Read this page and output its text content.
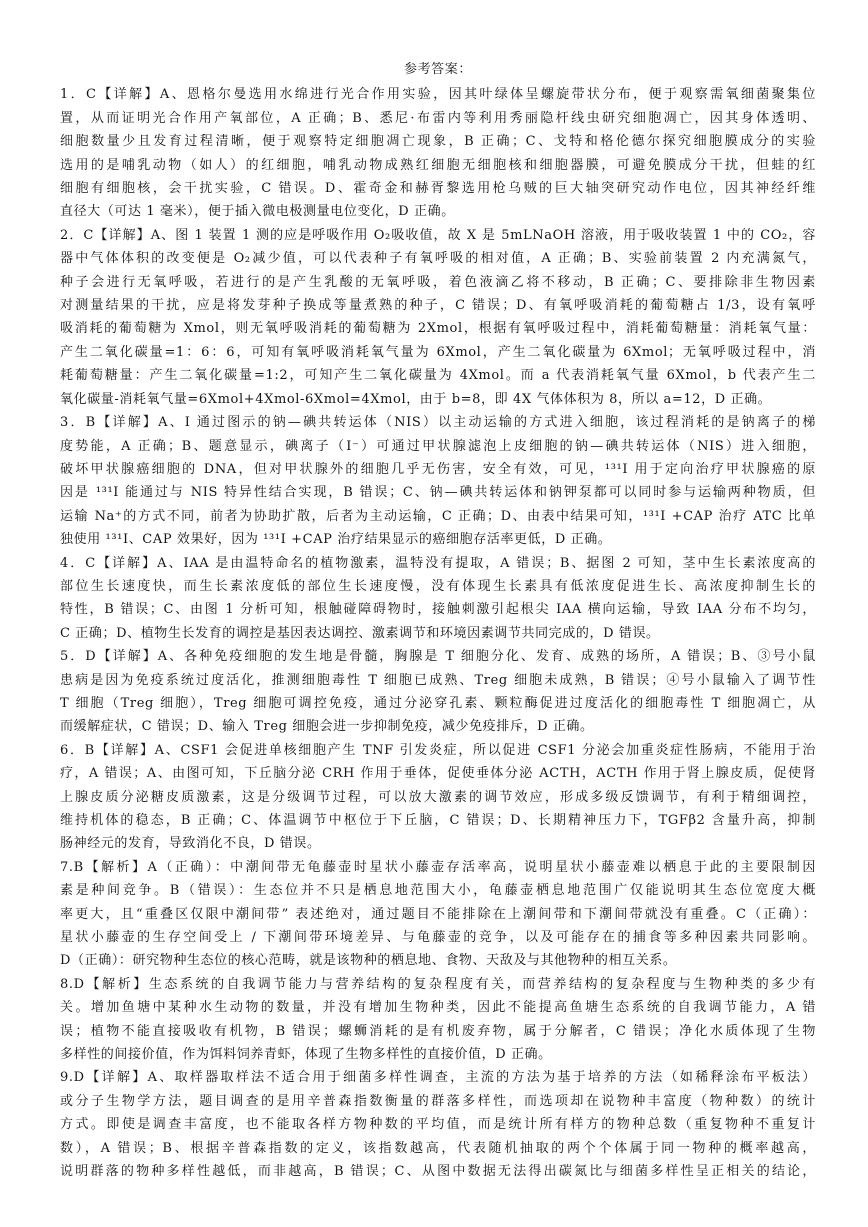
参考答案：
1．C【详解】A、恩格尔曼选用水绵进行光合作用实验，因其叶绿体呈螺旋带状分布，便于观察需氧细菌聚集位
置，从而证明光合作用产氧部位，A 正确；B、悉尼·布雷内等利用秀丽隐杆线虫研究细胞凋亡，因其身体透明、
细胞数量少且发育过程清晰，便于观察特定细胞凋亡现象，B 正确；C、戈特和格伦德尔探究细胞膜成分的实验
选用的是哺乳动物（如人）的红细胞，哺乳动物成熟红细胞无细胞核和细胞器膜，可避免膜成分干扰，但蛙的红
细胞有细胞核，会干扰实验，C 错误。D、霍奇金和赫胥黎选用枪乌贼的巨大轴突研究动作电位，因其神经纤维
直径大（可达 1 毫米），便于插入微电极测量电位变化，D 正确。
2．C【详解】A、图 1 装置 1 测的应是呼吸作用 O₂吸收值，故 X 是 5mLNaOH 溶液，用于吸收装置 1 中的 CO₂，容
器中气体体积的改变便是 O₂减少值，可以代表种子有氧呼吸的相对值，A 正确；B、实验前装置 2 内充满氮气，
种子会进行无氧呼吸，若进行的是产生乳酸的无氧呼吸，着色液滴乙将不移动，B 正确；C、要排除非生物因素
对测量结果的干扰，应是将发芽种子换成等量煮熟的种子，C 错误；D、有氧呼吸消耗的葡萄糖占 1/3，设有氧呼
吸消耗的葡萄糖为 Xmol，则无氧呼吸消耗的葡萄糖为 2Xmol，根据有氧呼吸过程中，消耗葡萄糖量：消耗氧气量：
产生二氧化碳量=1：6：6，可知有氧呼吸消耗氧气量为 6Xmol，产生二氧化碳量为 6Xmol；无氧呼吸过程中，消
耗葡萄糖量：产生二氧化碳量=1:2，可知产生二氧化碳量为 4Xmol。而 a 代表消耗氧气量 6Xmol，b 代表产生二
氧化碳量-消耗氧气量=6Xmol+4Xmol-6Xmol=4Xmol，由于 b=8，即 4X 气体体积为 8，所以 a=12，D 正确。
3．B【详解】A、I 通过图示的钠—碘共转运体（NIS）以主动运输的方式进入细胞，该过程消耗的是钠离子的梯
度势能，A 正确；B、题意显示，碘离子（I⁻）可通过甲状腺滤泡上皮细胞的钠—碘共转运体（NIS）进入细胞，
破坏甲状腺癌细胞的 DNA，但对甲状腺外的细胞几乎无伤害，安全有效，可见，¹³¹I 用于定向治疗甲状腺癌的原
因是 ¹³¹I 能通过与 NIS 特异性结合实现，B 错误；C、钠—碘共转运体和钠钾泵都可以同时参与运输两种物质，但
运输 Na⁺的方式不同，前者为协助扩散，后者为主动运输，C 正确；D、由表中结果可知，¹³¹I +CAP 治疗 ATC 比单
独使用 ¹³¹I、CAP 效果好，因为 ¹³¹I +CAP 治疗结果显示的癌细胞存活率更低，D 正确。
4．C【详解】A、IAA 是由温特命名的植物激素，温特没有提取，A 错误；B、据图 2 可知，茎中生长素浓度高的
部位生长速度快，而生长素浓度低的部位生长速度慢，没有体现生长素具有低浓度促进生长、高浓度抑制生长的
特性，B 错误；C、由图 1 分析可知，根触碰障碍物时，接触刺激引起根尖 IAA 横向运输，导致 IAA 分布不均匀，
C 正确；D、植物生长发育的调控是基因表达调控、激素调节和环境因素调节共同完成的，D 错误。
5．D【详解】A、各种免疫细胞的发生地是骨髓，胸腺是 T 细胞分化、发育、成熟的场所，A 错误；B、③号小鼠
患病是因为免疫系统过度活化，推测细胞毒性 T 细胞已成熟、Treg 细胞未成熟，B 错误；④号小鼠输入了调节性
T 细胞（Treg 细胞），Treg 细胞可调控免疫，通过分泌穿孔素、颗粒酶促进过度活化的细胞毒性 T 细胞凋亡，从
而缓解症状，C 错误；D、输入 Treg 细胞会进一步抑制免疫，减少免疫排斥，D 正确。
6．B【详解】A、CSF1 会促进单核细胞产生 TNF 引发炎症，所以促进 CSF1 分泌会加重炎症性肠病，不能用于治
疗，A 错误；A、由图可知，下丘脑分泌 CRH 作用于垂体，促使垂体分泌 ACTH，ACTH 作用于肾上腺皮质，促使肾
上腺皮质分泌糖皮质激素，这是分级调节过程，可以放大激素的调节效应，形成多级反馈调节，有利于精细调控，
维持机体的稳态，B 正确；C、体温调节中枢位于下丘脑，C 错误；D、长期精神压力下，TGFβ2 含量升高，抑制
肠神经元的发育，导致消化不良，D 错误。
7.B【解析】A（正确）：中潮间带无龟藤壶时星状小藤壶存活率高，说明星状小藤壶难以栖息于此的主要限制因
素是种间竞争。B（错误）：生态位并不只是栖息地范围大小，龟藤壶栖息地范围广仅能说明其生态位宽度大概
率更大，且“重叠区仅限中潮间带” 表述绝对，通过题目不能排除在上潮间带和下潮间带就没有重叠。C（正确）：
星状小藤壶的生存空间受上 / 下潮间带环境差异、与龟藤壶的竞争，以及可能存在的捕食等多种因素共同影响。
D（正确）：研究物种生态位的核心范畴，就是该物种的栖息地、食物、天敌及与其他物种的相互关系。
8.D【解析】生态系统的自我调节能力与营养结构的复杂程度有关，而营养结构的复杂程度与生物种类的多少有
关。增加鱼塘中某种水生动物的数量，并没有增加生物种类，因此不能提高鱼塘生态系统的自我调节能力，A 错
误；植物不能直接吸收有机物，B 错误；螺蛳消耗的是有机废弃物，属于分解者，C 错误；净化水质体现了生物
多样性的间接价值，作为饵料饲养青虾，体现了生物多样性的直接价值，D 正确。
9.D【详解】A、取样器取样法不适合用于细菌多样性调查，主流的方法为基于培养的方法（如稀释涂布平板法）
或分子生物学方法，题目调查的是用辛普森指数衡量的群落多样性，而选项却在说物种丰富度（物种数）的统计
方式。即使是调查丰富度，也不能取各样方物种数的平均值，而是统计所有样方的物种总数（重复物种不重复计
数），A 错误；B、根据辛普森指数的定义，该指数越高，代表随机抽取的两个个体属于同一物种的概率越高，
说明群落的物种多样性越低，而非越高，B 错误；C、从图中数据无法得出碳氮比与细菌多样性呈正相关的结论，
